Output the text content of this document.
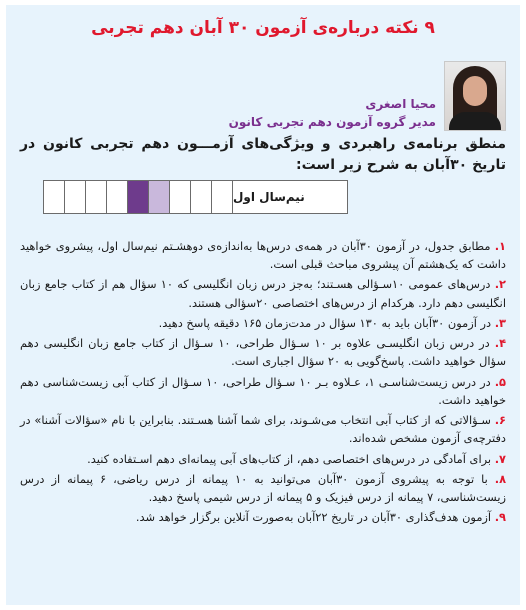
۹ نکته درباره‌ی آزمون ۳۰ آبان دهم تجربی
محیا اصغری
مدیر گروه آزمون دهم تجربی کانون
منطق برنامه‌ی راهبردی و ویژگی‌های آزمـــون دهم تجربی کانون در تاریخ ۳۰آبان به شرح زیر است:
نیم‌سال اول

۱. مطابق جدول، در آزمون ۳۰آبان در همه‌ی درس‌ها به‌اندازه‌ی دوهشـتم نیم‌سال اول، پیشروی خواهید داشت که یک‌هشتم آن پیشروی مباحث قبلی است.

۲. درس‌های عمومی ۱۰سـؤالی هسـتند؛ به‌جز درس زبان انگلیسی که ۱۰ سؤال هم از کتاب جامع زبان انگلیسی دهم دارد. هرکدام از درس‌های اختصاصی ۲۰سؤالی هستند.

۳. در آزمون ۳۰آبان باید به ۱۳۰ سؤال در مدت‌زمان ۱۶۵ دقیقه پاسخ دهید.

۴. در درس زبان انگلیسـی علاوه بر ۱۰ سـؤال طراحی، ۱۰ سـؤال از کتاب جامع زبان انگلیسی دهم سؤال خواهید داشت. پاسخ‌گویی به ۲۰ سؤال اجباری است.

۵. در درس زیست‌شناسـی ۱، عـلاوه بـر ۱۰ سـؤال طراحی، ۱۰ سـؤال از کتاب آبی زیست‌شناسی دهم خواهید داشت.

۶. سـؤالاتی که از کتاب آبی انتخاب می‌شـوند، برای شما آشنا هسـتند. بنابراین با نام «سؤالات آشنا» در دفترچه‌ی آزمون مشخص شده‌اند.

۷. برای آمادگی در درس‌های اختصاصی دهم، از کتاب‌های آبی پیمانه‌ای دهم اسـتفاده کنید.

۸. با توجه به پیشروی آزمون ۳۰آبان می‌توانید به ۱۰ پیمانه از درس ریاضی، ۶ پیمانه از درس زیست‌شناسی، ۷ پیمانه از درس فیزیک و ۵ پیمانه از درس شیمی پاسخ دهید.

۹. آزمون هدف‌گذاری ۳۰آبان در تاریخ ۲۲آبان به‌صورت آنلاین برگزار خواهد شد.
